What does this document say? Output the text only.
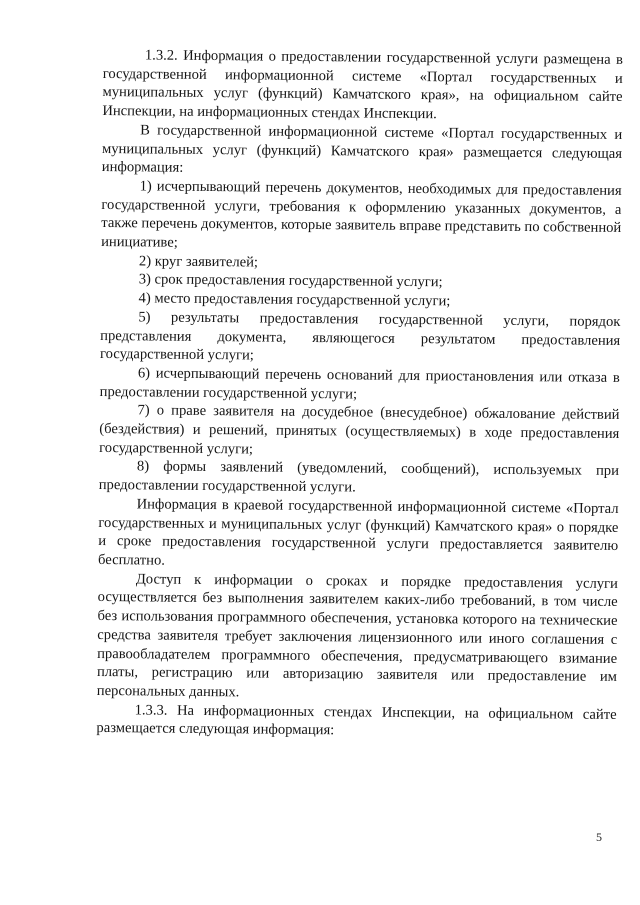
1.3.2. Информация о предоставлении государственной услуги размещена в государственной информационной системе «Портал государственных и муниципальных услуг (функций) Камчатского края», на официальном сайте Инспекции, на информационных стендах Инспекции.

В государственной информационной системе «Портал государственных и муниципальных услуг (функций) Камчатского края» размещается следующая информация:

1) исчерпывающий перечень документов, необходимых для предоставления государственной услуги, требования к оформлению указанных документов, а также перечень документов, которые заявитель вправе представить по собственной инициативе;

2) круг заявителей;

3) срок предоставления государственной услуги;

4) место предоставления государственной услуги;

5) результаты предоставления государственной услуги, порядок представления документа, являющегося результатом предоставления государственной услуги;

6) исчерпывающий перечень оснований для приостановления или отказа в предоставлении государственной услуги;

7) о праве заявителя на досудебное (внесудебное) обжалование действий (бездействия) и решений, принятых (осуществляемых) в ходе предоставления государственной услуги;

8) формы заявлений (уведомлений, сообщений), используемых при предоставлении государственной услуги.

Информация в краевой государственной информационной системе «Портал государственных и муниципальных услуг (функций) Камчатского края» о порядке и сроке предоставления государственной услуги предоставляется заявителю бесплатно.

Доступ к информации о сроках и порядке предоставления услуги осуществляется без выполнения заявителем каких-либо требований, в том числе без использования программного обеспечения, установка которого на технические средства заявителя требует заключения лицензионного или иного соглашения с правообладателем программного обеспечения, предусматривающего взимание платы, регистрацию или авторизацию заявителя или предоставление им персональных данных.

1.3.3. На информационных стендах Инспекции, на официальном сайте размещается следующая информация:

5
